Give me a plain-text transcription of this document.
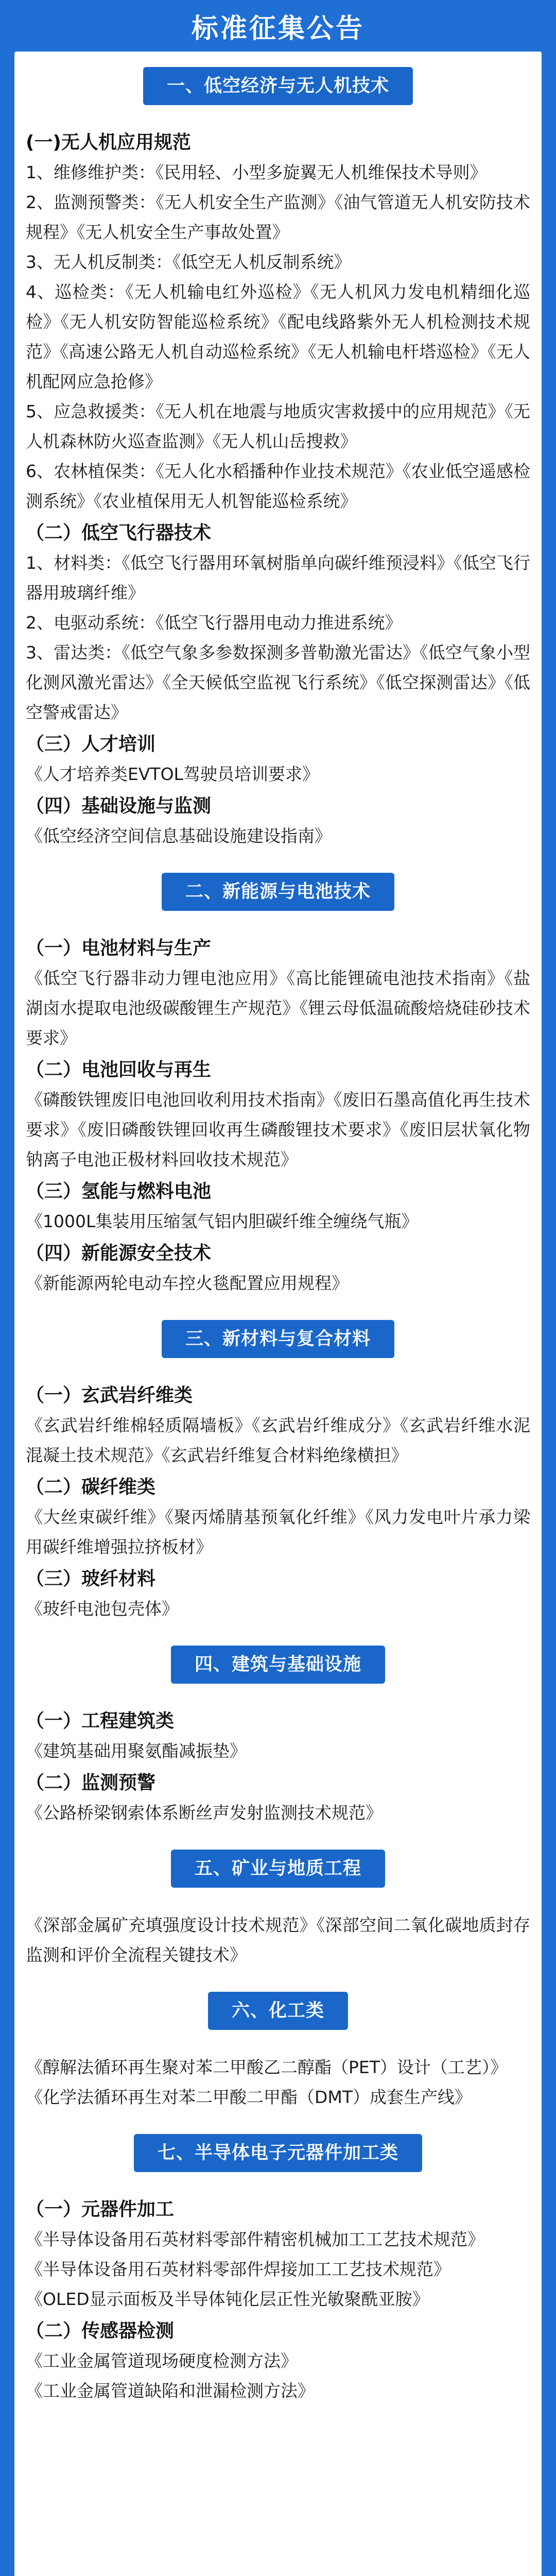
标准征集公告
一、低空经济与无人机技术
(一)无人机应用规范
1、维修维护类：《民用轻、小型多旋翼无人机维保技术导则》
2、监测预警类：《无人机安全生产监测》《油气管道无人机安防技术规程》《无人机安全生产事故处置》
3、无人机反制类：《低空无人机反制系统》
4、巡检类：《无人机输电红外巡检》《无人机风力发电机精细化巡检》《无人机安防智能巡检系统》《配电线路紫外无人机检测技术规范》《高速公路无人机自动巡检系统》《无人机输电杆塔巡检》《无人机配网应急抢修》
5、应急救援类：《无人机在地震与地质灾害救援中的应用规范》《无人机森林防火巡查监测》《无人机山岳搜救》
6、农林植保类：《无人化水稻播种作业技术规范》《农业低空遥感检测系统》《农业植保用无人机智能巡检系统》
（二）低空飞行器技术
1、材料类：《低空飞行器用环氧树脂单向碳纤维预浸料》《低空飞行器用玻璃纤维》
2、电驱动系统：《低空飞行器用电动力推进系统》
3、雷达类：《低空气象多参数探测多普勒激光雷达》《低空气象小型化测风激光雷达》《全天候低空监视飞行系统》《低空探测雷达》《低空警戒雷达》
（三）人才培训
《人才培养类EVTOL驾驶员培训要求》
（四）基础设施与监测
《低空经济空间信息基础设施建设指南》
二、新能源与电池技术
（一）电池材料与生产
《低空飞行器非动力锂电池应用》《高比能锂硫电池技术指南》《盐湖卤水提取电池级碳酸锂生产规范》《锂云母低温硫酸焙烧硅砂技术要求》
（二）电池回收与再生
《磷酸铁锂废旧电池回收利用技术指南》《废旧石墨高值化再生技术要求》《废旧磷酸铁锂回收再生磷酸锂技术要求》《废旧层状氧化物钠离子电池正极材料回收技术规范》
（三）氢能与燃料电池
《1000L集装用压缩氢气铝内胆碳纤维全缠绕气瓶》
（四）新能源安全技术
《新能源两轮电动车控火毯配置应用规程》
三、新材料与复合材料
（一）玄武岩纤维类
《玄武岩纤维棉轻质隔墙板》《玄武岩纤维成分》《玄武岩纤维水泥混凝土技术规范》《玄武岩纤维复合材料绝缘横担》
（二）碳纤维类
《大丝束碳纤维》《聚丙烯腈基预氧化纤维》《风力发电叶片承力梁用碳纤维增强拉挤板材》
（三）玻纤材料
《玻纤电池包壳体》
四、建筑与基础设施
（一）工程建筑类
《建筑基础用聚氨酯减振垫》
（二）监测预警
《公路桥梁钢索体系断丝声发射监测技术规范》
五、矿业与地质工程
《深部金属矿充填强度设计技术规范》《深部空间二氧化碳地质封存监测和评价全流程关键技术》
六、化工类
《醇解法循环再生聚对苯二甲酸乙二醇酯（PET）设计（工艺）》
《化学法循环再生对苯二甲酸二甲酯（DMT）成套生产线》
七、半导体电子元器件加工类
（一）元器件加工
《半导体设备用石英材料零部件精密机械加工工艺技术规范》
《半导体设备用石英材料零部件焊接加工工艺技术规范》
《OLED显示面板及半导体钝化层正性光敏聚酰亚胺》
（二）传感器检测
《工业金属管道现场硬度检测方法》
《工业金属管道缺陷和泄漏检测方法》
